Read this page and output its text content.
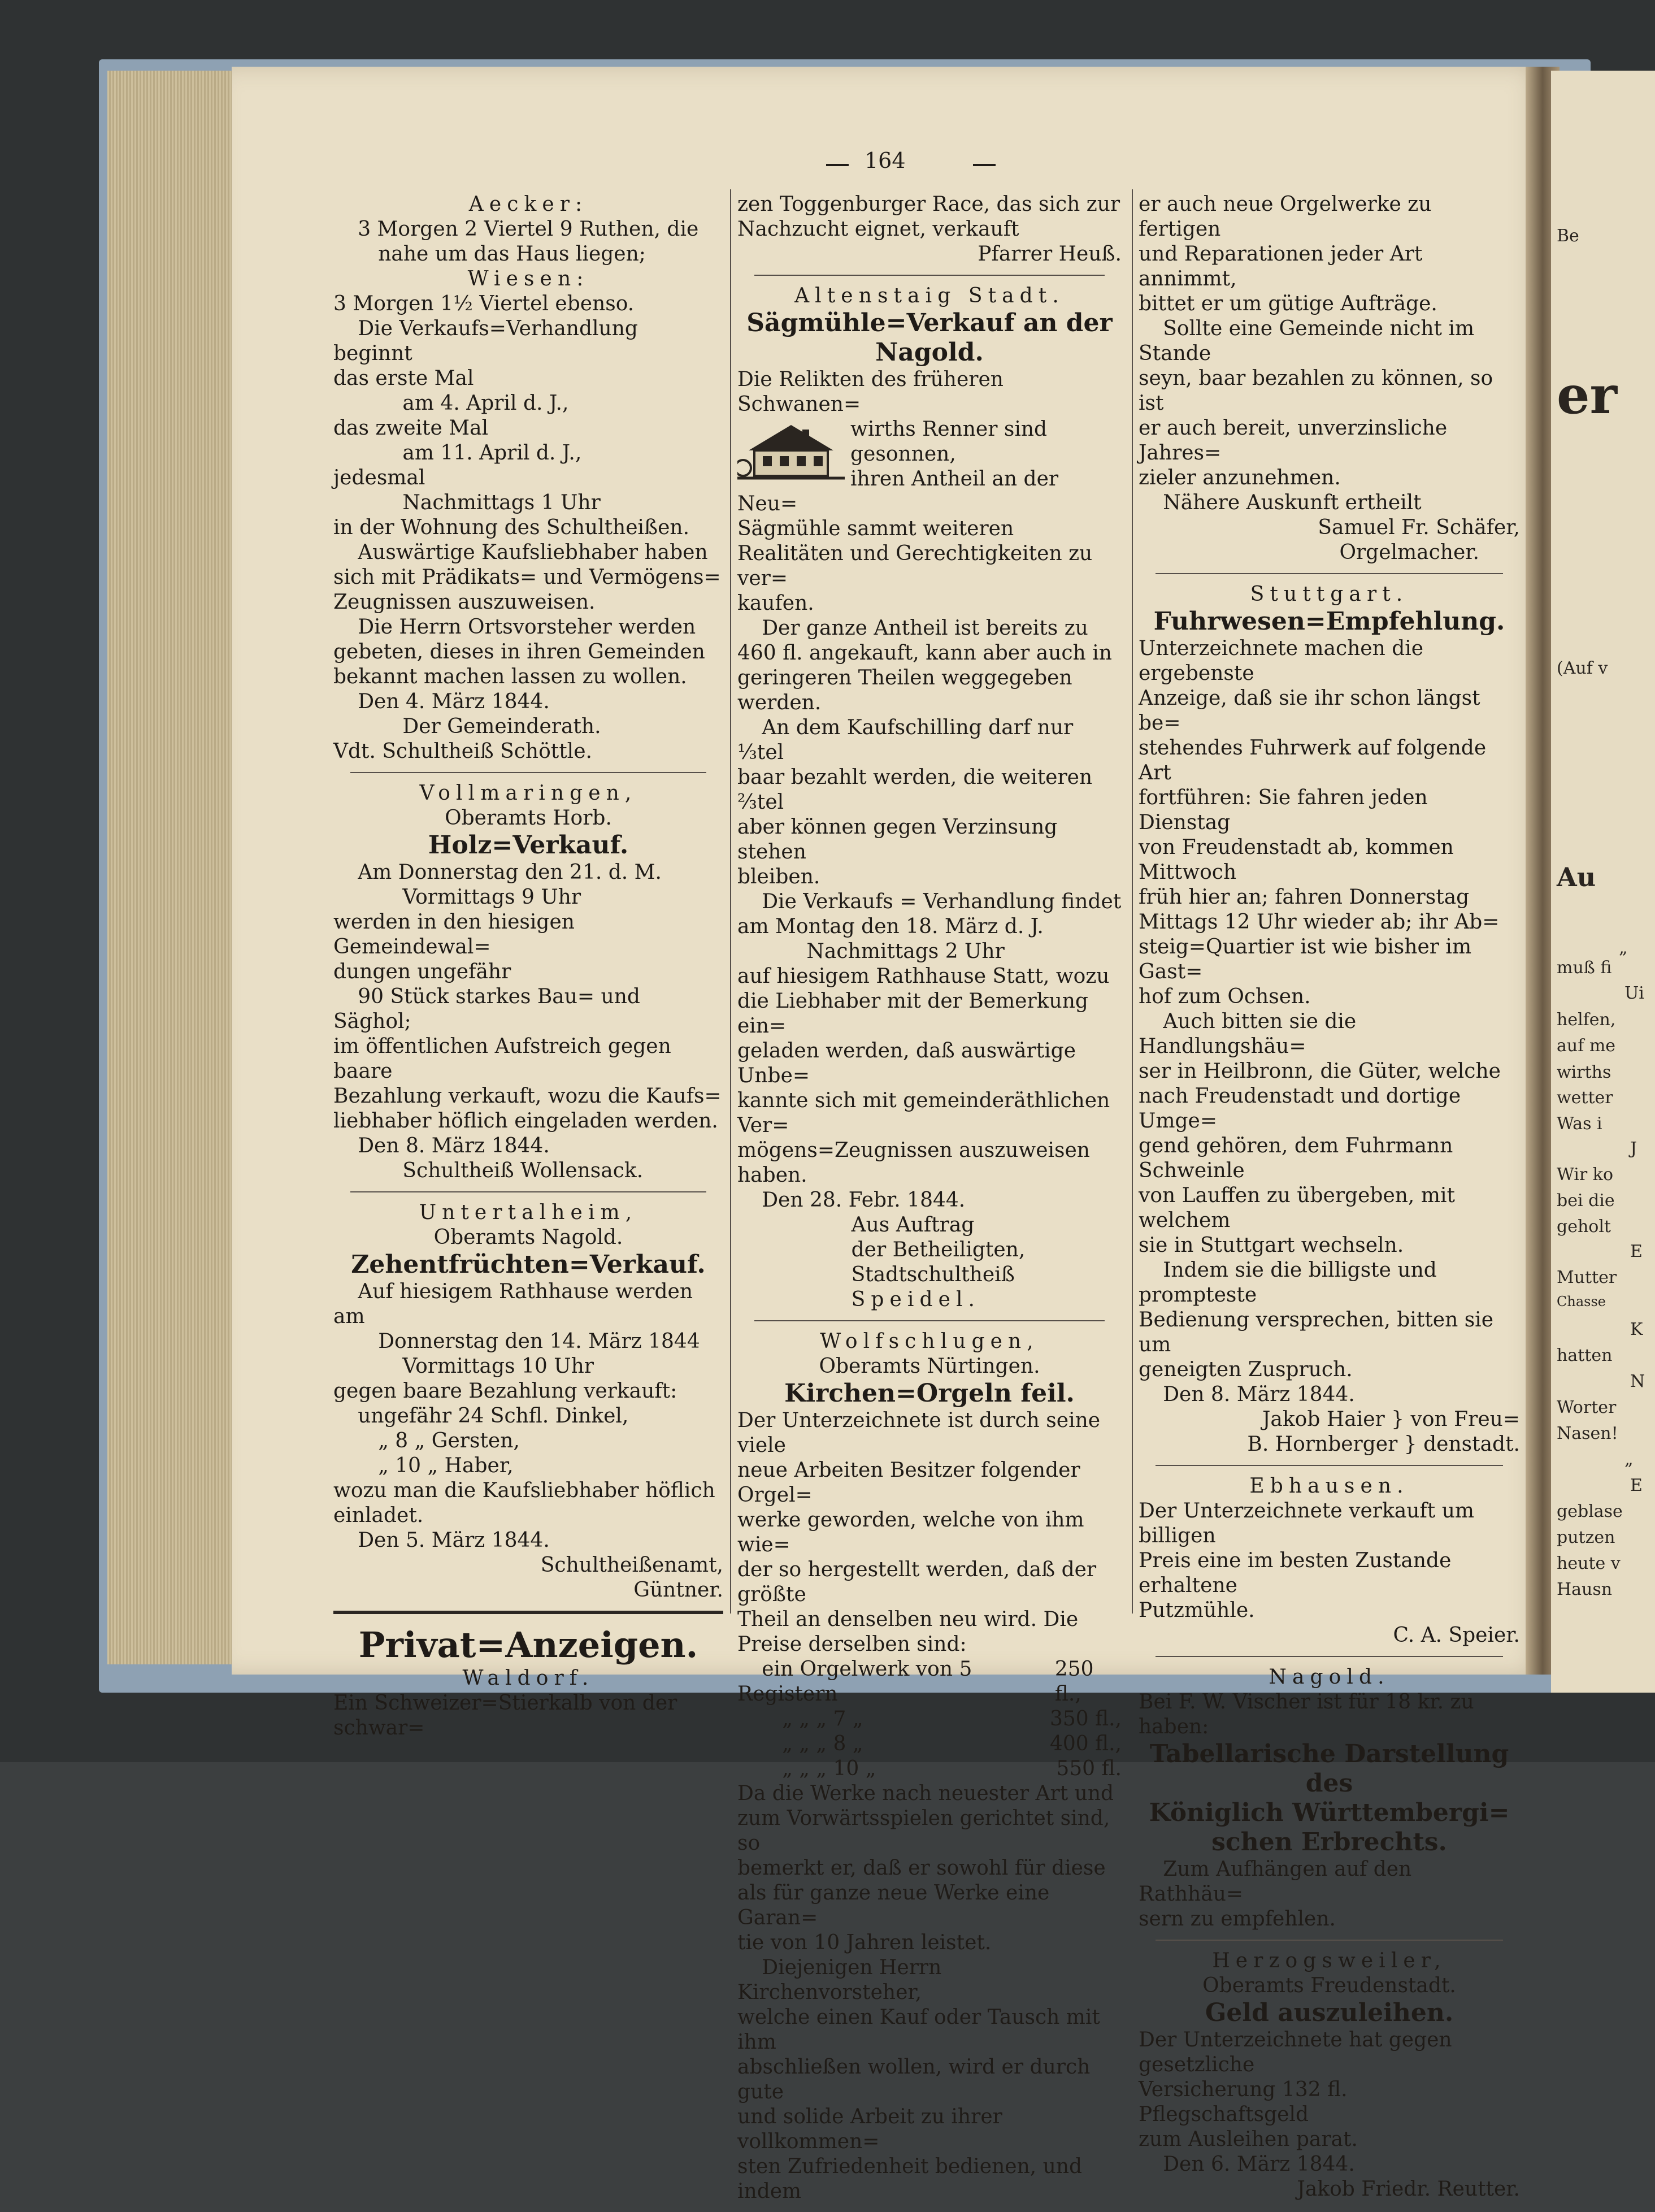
Be
er
(Auf v
Au
„
muß fi
Ui
helfen,
auf me
wirths
wetter
Was i
J
Wir ko
bei die
geholt
E
Mutter
Chasse
K
hatten
N
Worter
Nasen!
„
E
geblase
putzen
heute v
Hausn
164

Aecker:

3 Morgen 2 Viertel 9 Ruthen, die

nahe um das Haus liegen;

Wiesen:

3 Morgen 1½ Viertel ebenso.

Die Verkaufs=Verhandlung beginnt

das erste Mal

am 4. April d. J.,

das zweite Mal

am 11. April d. J.,

jedesmal

Nachmittags 1 Uhr

in der Wohnung des Schultheißen.

Auswärtige Kaufsliebhaber haben

sich mit Prädikats= und Vermögens=

Zeugnissen auszuweisen.

Die Herrn Ortsvorsteher werden

gebeten, dieses in ihren Gemeinden

bekannt machen lassen zu wollen.

Den 4. März 1844.

Der Gemeinderath.

Vdt. Schultheiß Schöttle.

Vollmaringen,

Oberamts Horb.

Holz=Verkauf.

Am Donnerstag den 21. d. M.

Vormittags 9 Uhr

werden in den hiesigen Gemeindewal=

dungen ungefähr

90 Stück starkes Bau= und Säghol;

im öffentlichen Aufstreich gegen baare

Bezahlung verkauft, wozu die Kaufs=

liebhaber höflich eingeladen werden.

Den 8. März 1844.

Schultheiß Wollensack.

Untertalheim,

Oberamts Nagold.

Zehentfrüchten=Verkauf.

Auf hiesigem Rathhause werden am

Donnerstag den 14. März 1844

Vormittags 10 Uhr

gegen baare Bezahlung verkauft:

ungefähr 24 Schfl. Dinkel,

„ 8 „ Gersten,

„ 10 „ Haber,

wozu man die Kaufsliebhaber höflich

einladet.

Den 5. März 1844.

Schultheißenamt,

Güntner.

Privat=Anzeigen.

Waldorf.

Ein Schweizer=Stierkalb von der schwar=

zen Toggenburger Race, das sich zur

Nachzucht eignet, verkauft

Pfarrer Heuß.

Altenstaig Stadt.

Sägmühle=Verkauf an der

Nagold.

Die Relikten des früheren Schwanen=

wirths Renner sind gesonnen,

ihren Antheil an der Neu=

Sägmühle sammt weiteren

Realitäten und Gerechtigkeiten zu ver=

kaufen.

Der ganze Antheil ist bereits zu

460 fl. angekauft, kann aber auch in

geringeren Theilen weggegeben werden.

An dem Kaufschilling darf nur ⅓tel

baar bezahlt werden, die weiteren ⅔tel

aber können gegen Verzinsung stehen

bleiben.

Die Verkaufs = Verhandlung findet

am Montag den 18. März d. J.

Nachmittags 2 Uhr

auf hiesigem Rathhause Statt, wozu

die Liebhaber mit der Bemerkung ein=

geladen werden, daß auswärtige Unbe=

kannte sich mit gemeinderäthlichen Ver=

mögens=Zeugnissen auszuweisen haben.

Den 28. Febr. 1844.

Aus Auftrag

der Betheiligten,

Stadtschultheiß

Speidel.

Wolfschlugen,

Oberamts Nürtingen.

Kirchen=Orgeln feil.

Der Unterzeichnete ist durch seine viele

neue Arbeiten Besitzer folgender Orgel=

werke geworden, welche von ihm wie=

der so hergestellt werden, daß der größte

Theil an denselben neu wird. Die

Preise derselben sind:

ein Orgelwerk von 5 Registern
250 fl.,
„ „ „ 7 „	350 fl.,
„ „ „ 8 „	400 fl.,
„ „ „ 10 „	550 fl.

Da die Werke nach neuester Art und

zum Vorwärtsspielen gerichtet sind, so

bemerkt er, daß er sowohl für diese

als für ganze neue Werke eine Garan=

tie von 10 Jahren leistet.

Diejenigen Herrn Kirchenvorsteher,

welche einen Kauf oder Tausch mit ihm

abschließen wollen, wird er durch gute

und solide Arbeit zu ihrer vollkommen=

sten Zufriedenheit bedienen, und indem

er auch neue Orgelwerke zu fertigen

und Reparationen jeder Art annimmt,

bittet er um gütige Aufträge.

Sollte eine Gemeinde nicht im Stande

seyn, baar bezahlen zu können, so ist

er auch bereit, unverzinsliche Jahres=

zieler anzunehmen.

Nähere Auskunft ertheilt

Samuel Fr. Schäfer,

Orgelmacher.

Stuttgart.

Fuhrwesen=Empfehlung.

Unterzeichnete machen die ergebenste

Anzeige, daß sie ihr schon längst be=

stehendes Fuhrwerk auf folgende Art

fortführen: Sie fahren jeden Dienstag

von Freudenstadt ab, kommen Mittwoch

früh hier an; fahren Donnerstag

Mittags 12 Uhr wieder ab; ihr Ab=

steig=Quartier ist wie bisher im Gast=

hof zum Ochsen.

Auch bitten sie die Handlungshäu=

ser in Heilbronn, die Güter, welche

nach Freudenstadt und dortige Umge=

gend gehören, dem Fuhrmann Schweinle

von Lauffen zu übergeben, mit welchem

sie in Stuttgart wechseln.

Indem sie die billigste und prompteste

Bedienung versprechen, bitten sie um

geneigten Zuspruch.

Den 8. März 1844.

Jakob Haier } von Freu=

B. Hornberger } denstadt.

Ebhausen.

Der Unterzeichnete verkauft um billigen

Preis eine im besten Zustande erhaltene

Putzmühle.

C. A. Speier.

Nagold.

Bei F. W. Vischer ist für 18 kr. zu

haben:

Tabellarische Darstellung des

Königlich Württembergi=

schen Erbrechts.

Zum Aufhängen auf den Rathhäu=

sern zu empfehlen.

Herzogsweiler,

Oberamts Freudenstadt.

Geld auszuleihen.

Der Unterzeichnete hat gegen gesetzliche

Versicherung 132 fl. Pflegschaftsgeld

zum Ausleihen parat.

Den 6. März 1844.

Jakob Friedr. Reutter.
